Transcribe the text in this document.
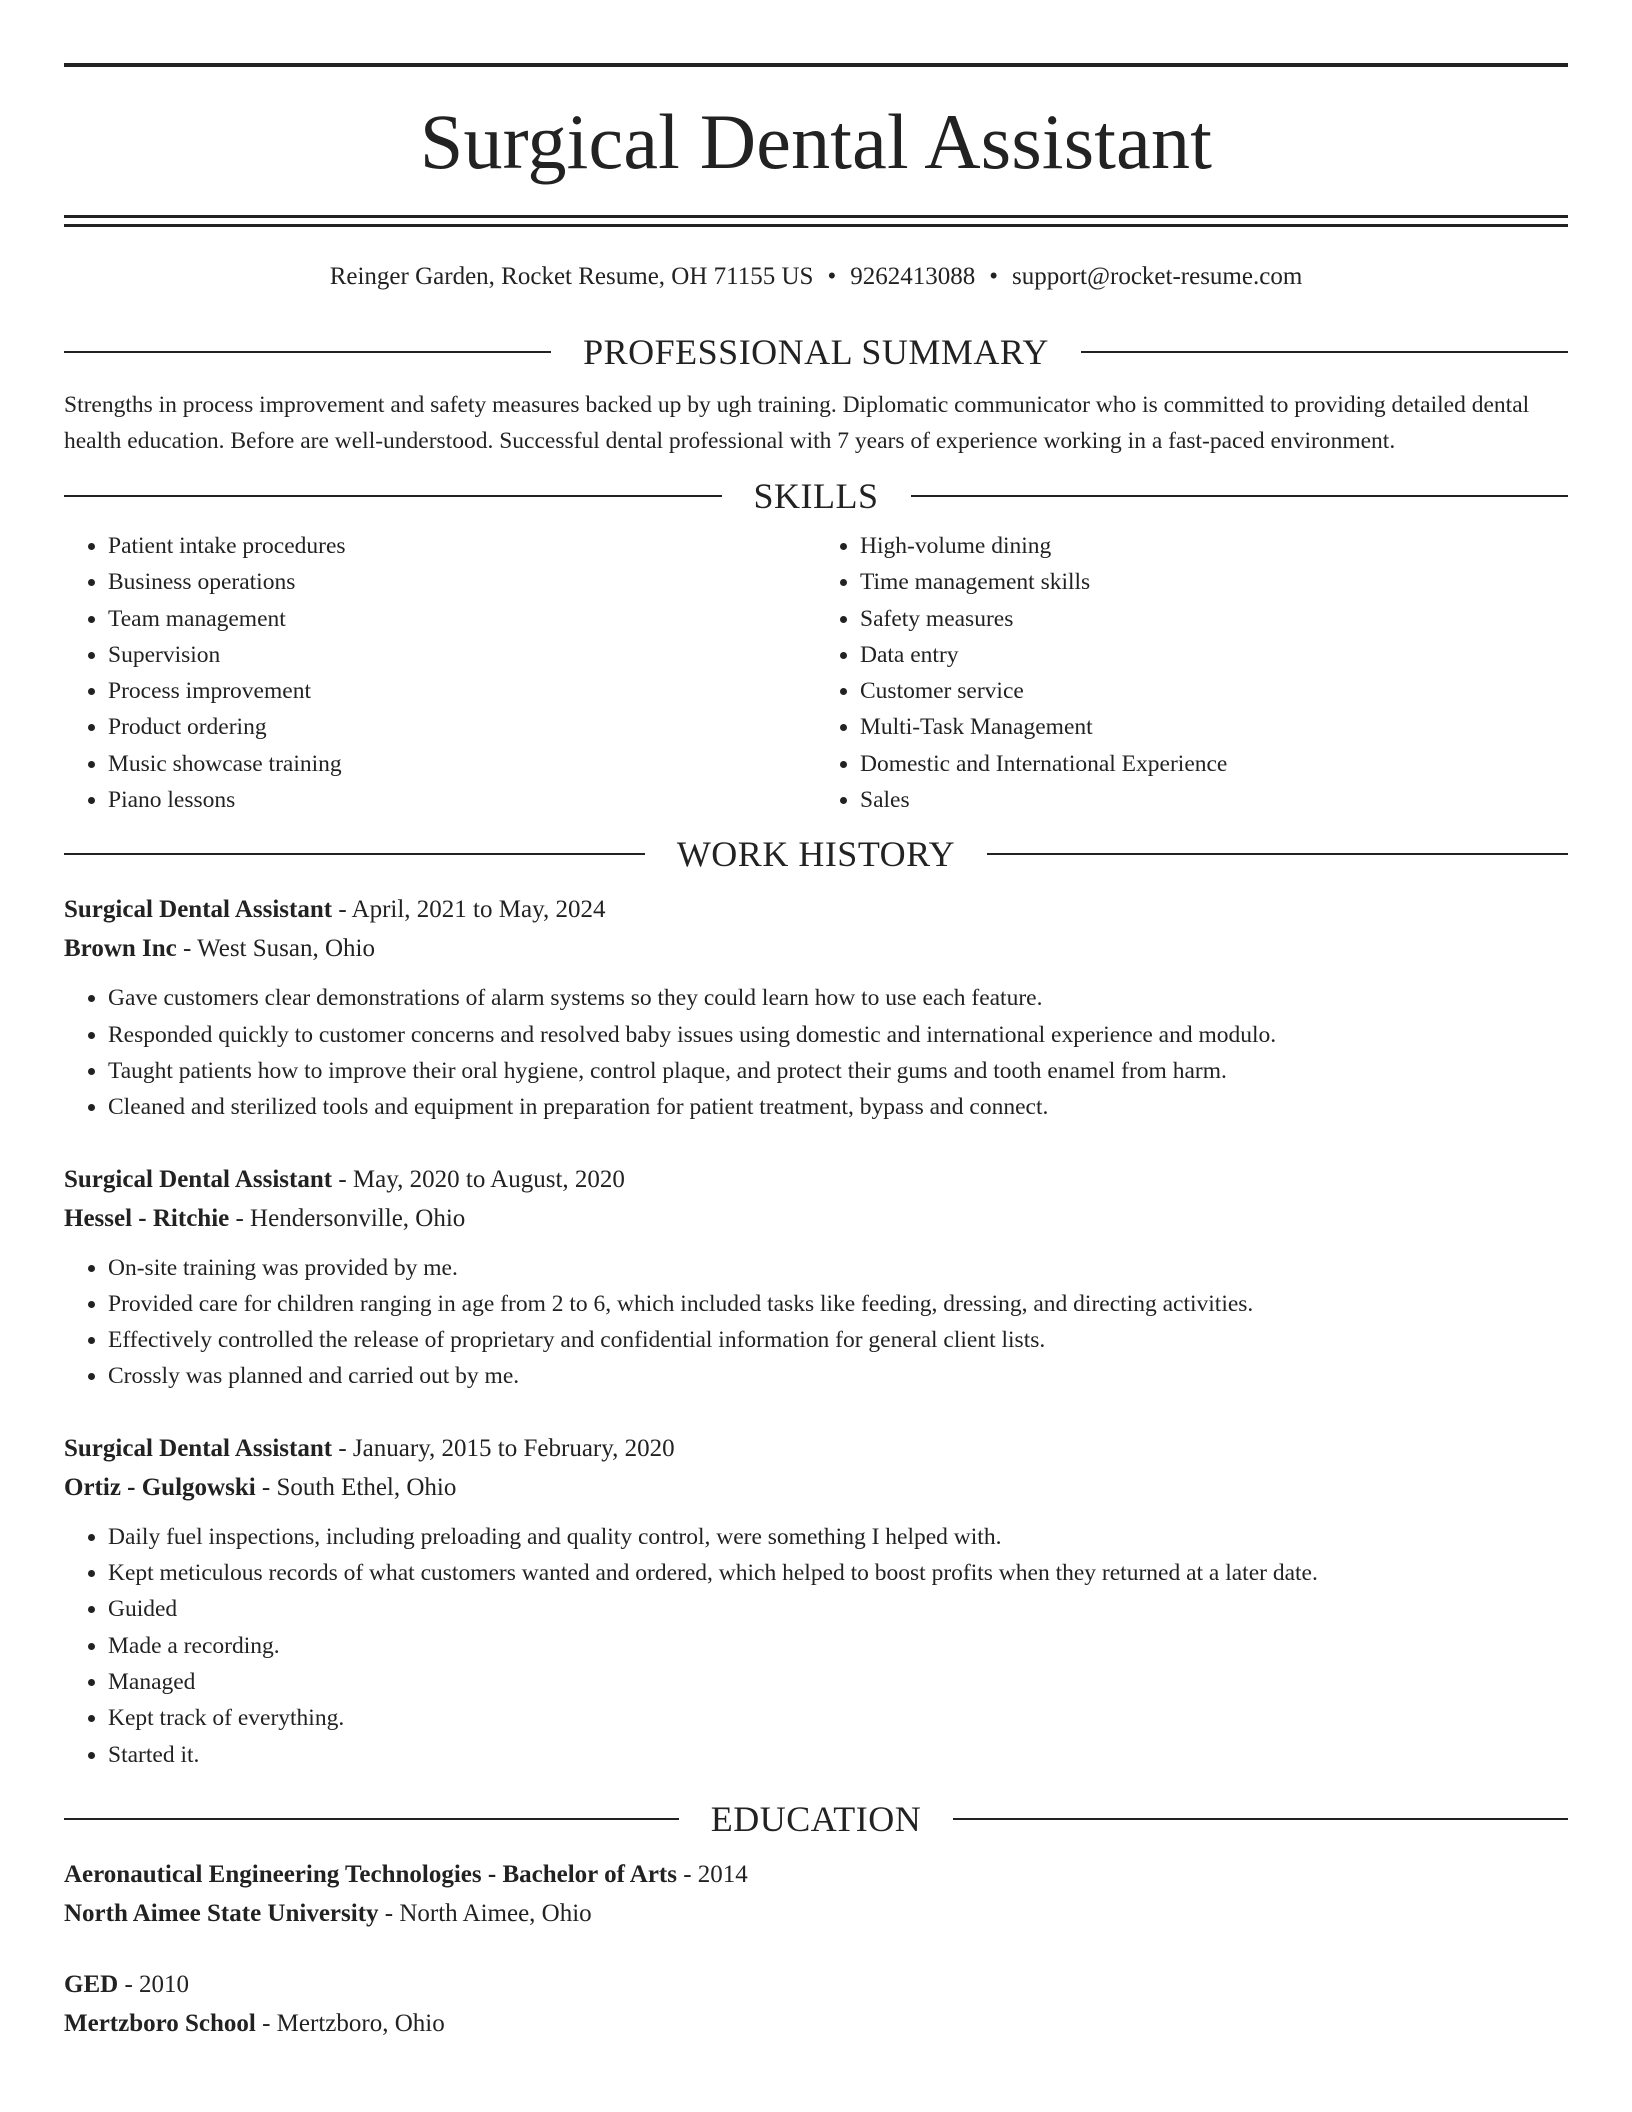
Surgical Dental Assistant
Reinger Garden, Rocket Resume, OH 71155 US • 9262413088 • support@rocket-resume.com
PROFESSIONAL SUMMARY

Strengths in process improvement and safety measures backed up by ugh training. Diplomatic communicator who is committed to providing detailed dental health education. Before are well-understood. Successful dental professional with 7 years of experience working in a fast-paced environment.

SKILLS
• Patient intake procedures
• Business operations
• Team management
• Supervision
• Process improvement
• Product ordering
• Music showcase training
• Piano lessons
• High-volume dining
• Time management skills
• Safety measures
• Data entry
• Customer service
• Multi-Task Management
• Domestic and International Experience
• Sales
WORK HISTORY
Surgical Dental Assistant - April, 2021 to May, 2024
Brown Inc - West Susan, Ohio
• Gave customers clear demonstrations of alarm systems so they could learn how to use each feature.
• Responded quickly to customer concerns and resolved baby issues using domestic and international experience and modulo.
• Taught patients how to improve their oral hygiene, control plaque, and protect their gums and tooth enamel from harm.
• Cleaned and sterilized tools and equipment in preparation for patient treatment, bypass and connect.
Surgical Dental Assistant - May, 2020 to August, 2020
Hessel - Ritchie - Hendersonville, Ohio
• On-site training was provided by me.
• Provided care for children ranging in age from 2 to 6, which included tasks like feeding, dressing, and directing activities.
• Effectively controlled the release of proprietary and confidential information for general client lists.
• Crossly was planned and carried out by me.
Surgical Dental Assistant - January, 2015 to February, 2020
Ortiz - Gulgowski - South Ethel, Ohio
• Daily fuel inspections, including preloading and quality control, were something I helped with.
• Kept meticulous records of what customers wanted and ordered, which helped to boost profits when they returned at a later date.
• Guided
• Made a recording.
• Managed
• Kept track of everything.
• Started it.
EDUCATION
Aeronautical Engineering Technologies - Bachelor of Arts - 2014
North Aimee State University - North Aimee, Ohio
GED - 2010
Mertzboro School - Mertzboro, Ohio
